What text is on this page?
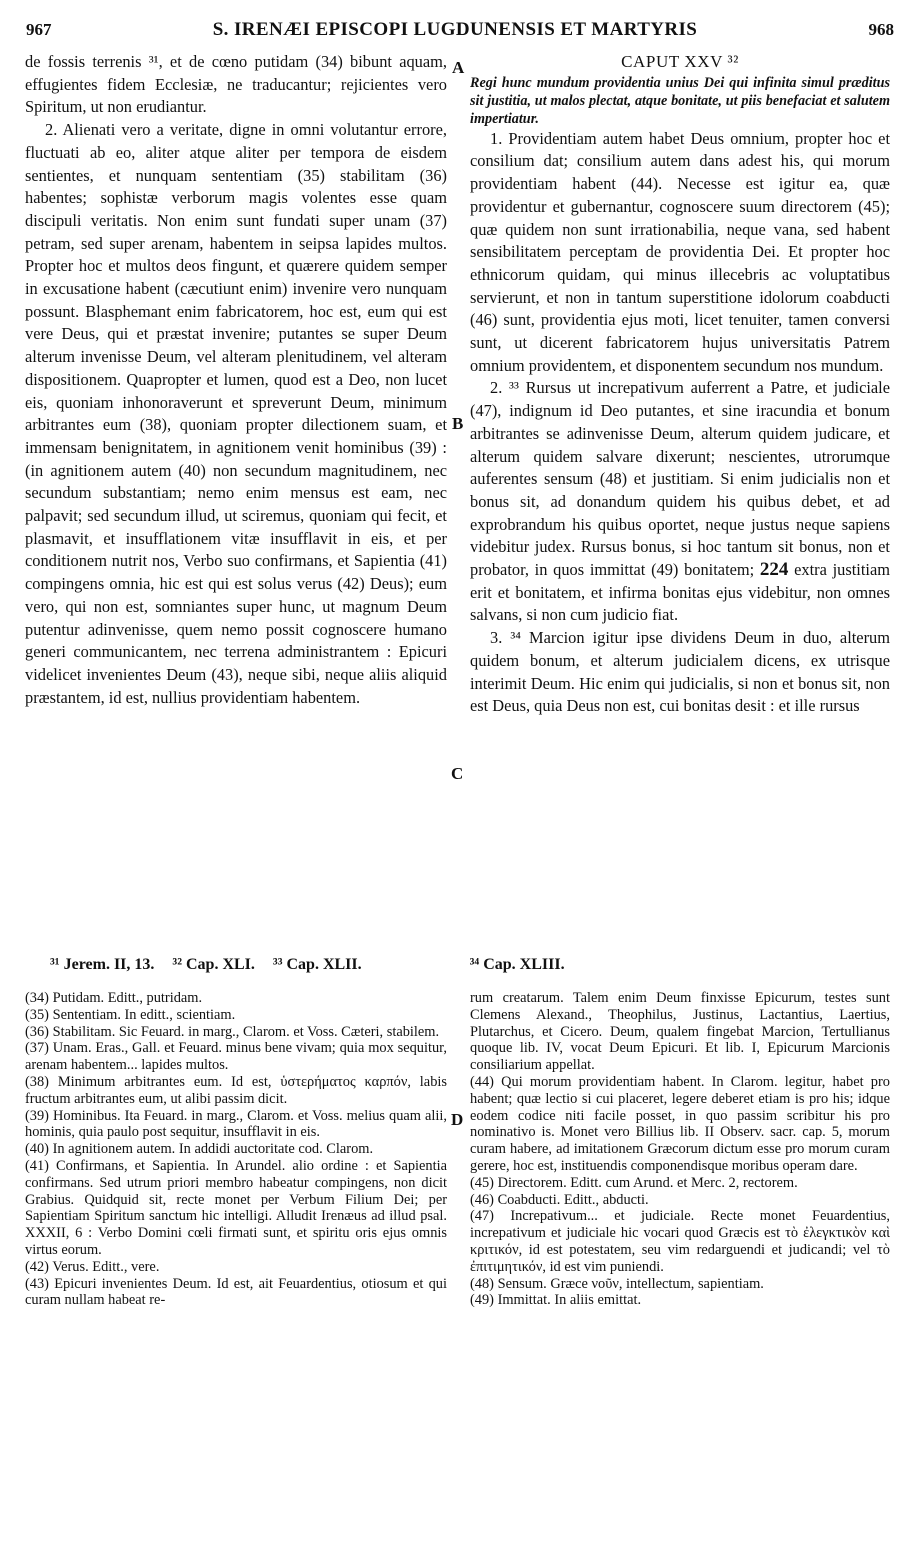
967	S. IRENÆI EPISCOPI LUGDUNENSIS ET MARTYRIS	968
A
B
C
D

de fossis terrenis ³¹, et de cœno putidam (34) bibunt aquam, effugientes fidem Ecclesiæ, ne traducantur; rejicientes vero Spiritum, ut non erudiantur.

2. Alienati vero a veritate, digne in omni volutantur errore, fluctuati ab eo, aliter atque aliter per tempora de eisdem sentientes, et nunquam sententiam (35) stabilitam (36) habentes; sophistæ verborum magis volentes esse quam discipuli veritatis. Non enim sunt fundati super unam (37) petram, sed super arenam, habentem in seipsa lapides multos. Propter hoc et multos deos fingunt, et quærere quidem semper in excusatione habent (cæcutiunt enim) invenire vero nunquam possunt. Blasphemant enim fabricatorem, hoc est, eum qui est vere Deus, qui et præstat invenire; putantes se super Deum alterum invenisse Deum, vel alteram plenitudinem, vel alteram dispositionem. Quapropter et lumen, quod est a Deo, non lucet eis, quoniam inhonoraverunt et spreverunt Deum, minimum arbitrantes eum (38), quoniam propter dilectionem suam, et immensam benignitatem, in agnitionem venit hominibus (39) : (in agnitionem autem (40) non secundum magnitudinem, nec secundum substantiam; nemo enim mensus est eam, nec palpavit; sed secundum illud, ut sciremus, quoniam qui fecit, et plasmavit, et insufflationem vitæ insufflavit in eis, et per conditionem nutrit nos, Verbo suo confirmans, et Sapientia (41) compingens omnia, hic est qui est solus verus (42) Deus); eum vero, qui non est, somniantes super hunc, ut magnum Deum putentur adinvenisse, quem nemo possit cognoscere humano generi communicantem, nec terrena administrantem : Epicuri videlicet invenientes Deum (43), neque sibi, neque aliis aliquid præstantem, id est, nullius providentiam habentem.

CAPUT XXV ³²

Regi hunc mundum providentia unius Dei qui infinita simul præditus sit justitia, ut malos plectat, atque bonitate, ut piis benefaciat et salutem impertiatur.

1. Providentiam autem habet Deus omnium, propter hoc et consilium dat; consilium autem dans adest his, qui morum providentiam habent (44). Necesse est igitur ea, quæ providentur et gubernantur, cognoscere suum directorem (45); quæ quidem non sunt irrationabilia, neque vana, sed habent sensibilitatem perceptam de providentia Dei. Et propter hoc ethnicorum quidam, qui minus illecebris ac voluptatibus servierunt, et non in tantum superstitione idolorum coabducti (46) sunt, providentia ejus moti, licet tenuiter, tamen conversi sunt, ut dicerent fabricatorem hujus universitatis Patrem omnium providentem, et disponentem secundum nos mundum.

2. ³³ Rursus ut increpativum auferrent a Patre, et judiciale (47), indignum id Deo putantes, et sine iracundia et bonum arbitrantes se adinvenisse Deum, alterum quidem judicare, et alterum quidem salvare dixerunt; nescientes, utrorumque auferentes sensum (48) et justitiam. Si enim judicialis non et bonus sit, ad donandum quidem his quibus debet, et ad exprobrandum his quibus oportet, neque justus neque sapiens videbitur judex. Rursus bonus, si hoc tantum sit bonus, non et probator, in quos immittat (49) bonitatem; 224 extra justitiam erit et bonitatem, et infirma bonitas ejus videbitur, non omnes salvans, si non cum judicio fiat.

3. ³⁴ Marcion igitur ipse dividens Deum in duo, alterum quidem bonum, et alterum judicialem dicens, ex utrisque interimit Deum. Hic enim qui judicialis, si non et bonus sit, non est Deus, quia Deus non est, cui bonitas desit : et ille rursus

³¹ Jerem. II, 13. ³² Cap. XLI. ³³ Cap. XLII.	³⁴ Cap. XLIII.

(34) Putidam. Editt., putridam.

(35) Sententiam. In editt., scientiam.

(36) Stabilitam. Sic Feuard. in marg., Clarom. et Voss. Cæteri, stabilem.

(37) Unam. Eras., Gall. et Feuard. minus bene vivam; quia mox sequitur, arenam habentem... lapides multos.

(38) Minimum arbitrantes eum. Id est, ὑστερήματος καρπόν, labis fructum arbitrantes eum, ut alibi passim dicit.

(39) Hominibus. Ita Feuard. in marg., Clarom. et Voss. melius quam alii, hominis, quia paulo post sequitur, insufflavit in eis.

(40) In agnitionem autem. In addidi auctoritate cod. Clarom.

(41) Confirmans, et Sapientia. In Arundel. alio ordine : et Sapientia confirmans. Sed utrum priori membro habeatur compingens, non dicit Grabius. Quidquid sit, recte monet per Verbum Filium Dei; per Sapientiam Spiritum sanctum hic intelligi. Alludit Irenæus ad illud psal. XXXII, 6 : Verbo Domini cœli firmati sunt, et spiritu oris ejus omnis virtus eorum.

(42) Verus. Editt., vere.

(43) Epicuri invenientes Deum. Id est, ait Feuardentius, otiosum et qui curam nullam habeat re-

rum creatarum. Talem enim Deum finxisse Epicurum, testes sunt Clemens Alexand., Theophilus, Justinus, Lactantius, Laertius, Plutarchus, et Cicero. Deum, qualem fingebat Marcion, Tertullianus quoque lib. IV, vocat Deum Epicuri. Et lib. I, Epicurum Marcionis consiliarium appellat.

(44) Qui morum providentiam habent. In Clarom. legitur, habet pro habent; quæ lectio si cui placeret, legere deberet etiam is pro his; idque eodem codice niti facile posset, in quo passim scribitur his pro nominativo is. Monet vero Billius lib. II Observ. sacr. cap. 5, morum curam habere, ad imitationem Græcorum dictum esse pro morum curam gerere, hoc est, instituendis componendisque moribus operam dare.

(45) Directorem. Editt. cum Arund. et Merc. 2, rectorem.

(46) Coabducti. Editt., abducti.

(47) Increpativum... et judiciale. Recte monet Feuardentius, increpativum et judiciale hic vocari quod Græcis est τὸ ἐλεγκτικὸν καὶ κριτικόν, id est potestatem, seu vim redarguendi et judicandi; vel τὸ ἐπιτιμητικόν, id est vim puniendi.

(48) Sensum. Græce νοῦν, intellectum, sapientiam.

(49) Immittat. In aliis emittat.
